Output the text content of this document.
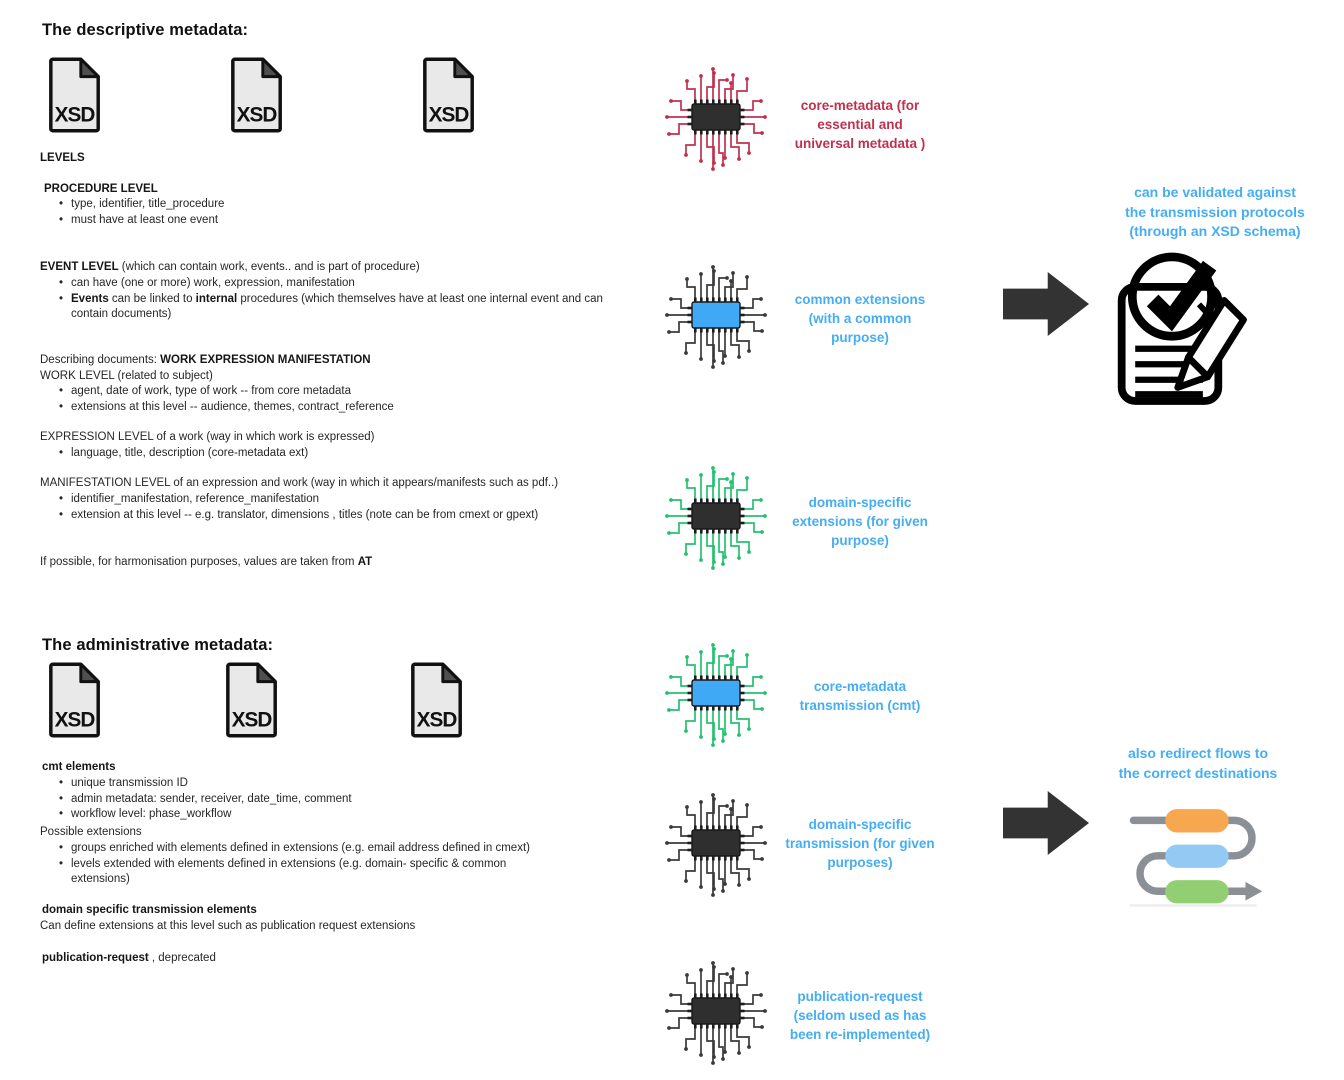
The descriptive metadata:
LEVELS
PROCEDURE LEVEL
• type, identifier, title_procedure
• must have at least one event
EVENT LEVEL (which can contain work, events.. and is part of procedure)
• can have (one or more) work, expression, manifestation
• Events can be linked to internal procedures (which themselves have at least one internal event and can contain documents)
Describing documents: WORK EXPRESSION MANIFESTATION
WORK LEVEL (related to subject)
• agent, date of work, type of work -- from core metadata
• extensions at this level -- audience, themes, contract_reference
EXPRESSION LEVEL of a work (way in which work is expressed)
• language, title, description (core-metadata ext)
MANIFESTATION LEVEL of an expression and work (way in which it appears/manifests such as pdf..)
• identifier_manifestation, reference_manifestation
• extension at this level -- e.g. translator, dimensions , titles (note can be from cmext or gpext)
If possible, for harmonisation purposes, values are taken from AT
The administrative metadata:
cmt elements
• unique transmission ID
• admin metadata: sender, receiver, date_time, comment
• workflow level: phase_workflow
Possible extensions
• groups enriched with elements defined in extensions (e.g. email address defined in cmext)
• levels extended with elements defined in extensions (e.g. domain- specific & common extensions)
domain specific transmission elements
Can define extensions at this level such as publication request extensions
publication-request , deprecated
core-metadata (for
essential and
universal metadata )
common extensions
(with a common
purpose)
domain-specific
extensions (for given
purpose)
core-metadata
transmission (cmt)
domain-specific
transmission (for given
purposes)
publication-request
(seldom used as has
been re-implemented)
can be validated against
the transmission protocols
(through an XSD schema)
also redirect flows to
the correct destinations
